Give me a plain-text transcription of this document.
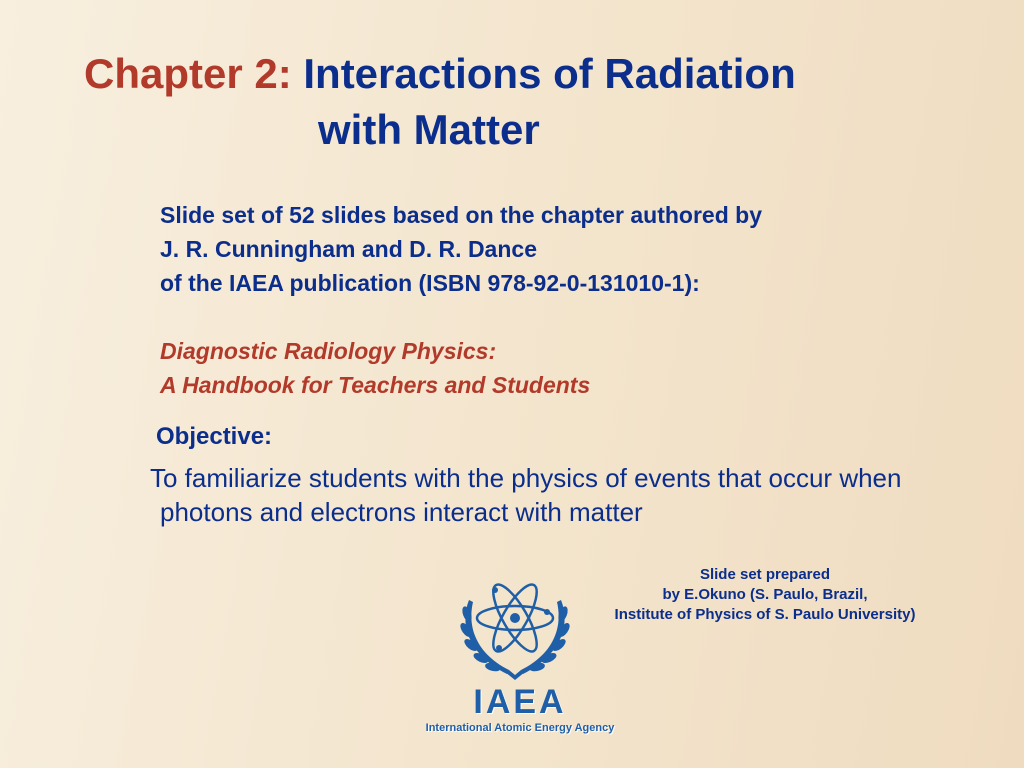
Chapter 2: Interactions of Radiation
with Matter
Slide set of 52 slides based on the chapter authored by
J. R. Cunningham and D. R. Dance
of the IAEA publication (ISBN 978-92-0-131010-1):
Diagnostic Radiology Physics:
A Handbook for Teachers and Students
Objective:
To familiarize students with the physics of events that occur when
photons and electrons interact with matter
Slide set prepared
by E.Okuno (S. Paulo, Brazil,
Institute of Physics of S. Paulo University)
IAEA
International Atomic Energy Agency
